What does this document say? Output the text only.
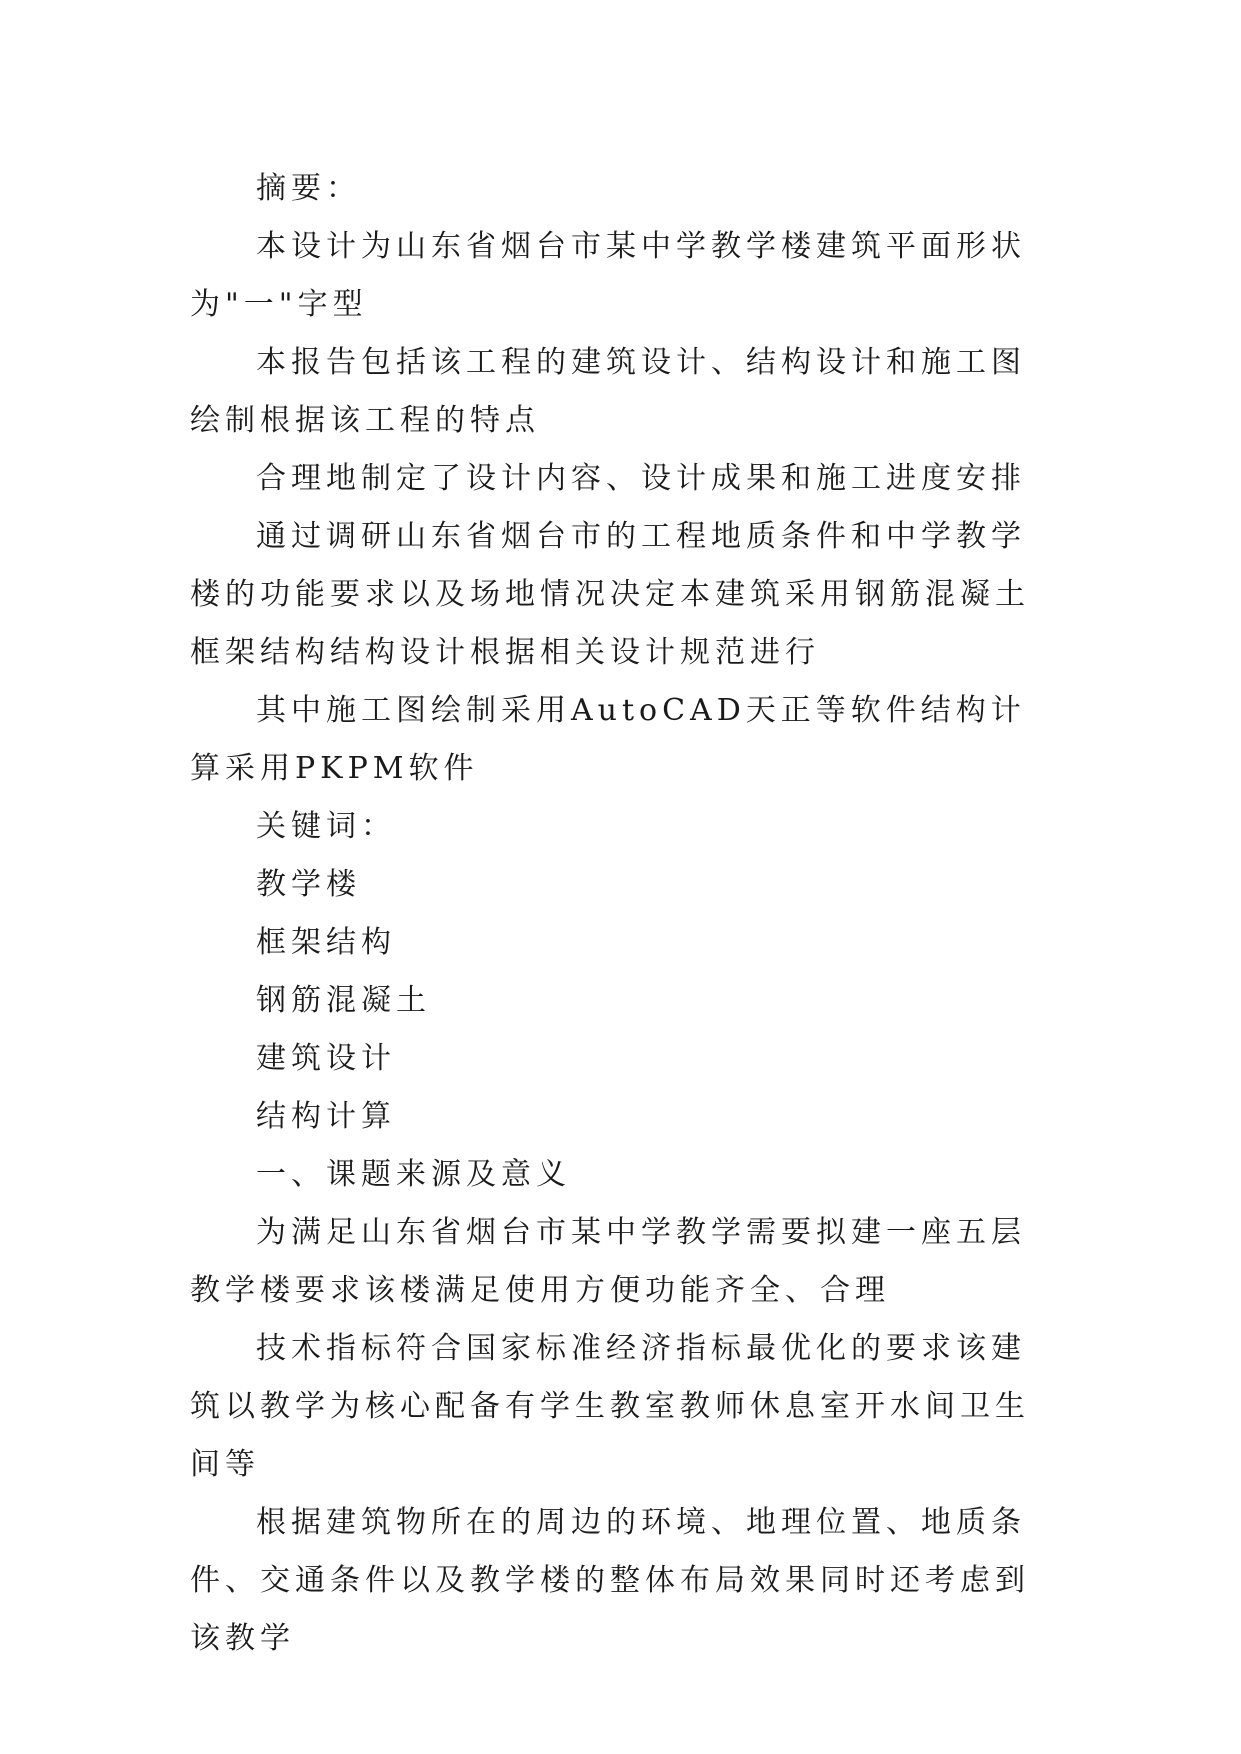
摘要：

本设计为山东省烟台市某中学教学楼建筑平面形状为"一"字型

本报告包括该工程的建筑设计、结构设计和施工图绘制根据该工程的特点

合理地制定了设计内容、设计成果和施工进度安排

通过调研山东省烟台市的工程地质条件和中学教学楼的功能要求以及场地情况决定本建筑采用钢筋混凝土框架结构结构设计根据相关设计规范进行

其中施工图绘制采用AutoCAD天正等软件结构计算采用PKPM软件

关键词：

教学楼

框架结构

钢筋混凝土

建筑设计

结构计算

一、课题来源及意义

为满足山东省烟台市某中学教学需要拟建一座五层教学楼要求该楼满足使用方便功能齐全、合理

技术指标符合国家标准经济指标最优化的要求该建筑以教学为核心配备有学生教室教师休息室开水间卫生间等

根据建筑物所在的周边的环境、地理位置、地质条件、交通条件以及教学楼的整体布局效果同时还考虑到该教学
